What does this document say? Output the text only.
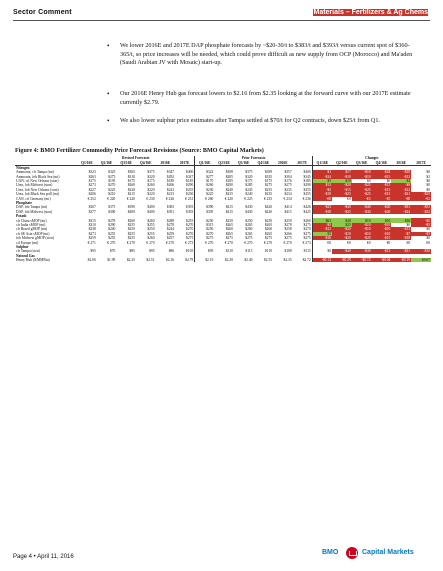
Sector Comment	Materials – Fertilizers & Ag Chems
• We lower 2016E and 2017E DAP phosphate forecasts by ~$20-30/t to $383/t and $393/t versus current spot of $360-365/t, so price increases will be needed, which could prove difficult as new supply from OCP (Morocco) and Ma'aden (Saudi Arabian JV with Mosaic) start-up.
• Our 2016E Henry Hub gas forecast lowers to $2.16 from $2.35 looking at the forward curve with our 2017E estimate currently $2.79.
• We also lower sulphur price estimates after Tampa settled at $70/t for Q2 contracts, down $25/t from Q1.
Figure 4: BMO Fertilizer Commodity Price Forecast Revisions (Source: BMO Capital Markets)
	Revised Forecasts						Prior Forecasts						Changes					
	Q1/16E	Q2/16E	Q3/16E	Q4/16E	2016E	2017E	Q1/16E	Q2/16E	Q3/16E	Q4/16E	2016E	2017E	Q1/16E	Q2/16E	Q3/16E	Q4/16E	2016E	2017E
Nitrogen																		
Ammonia, cfr Tampa (mt)	$323	$325	$365	$375	$347	$400	$322	$308	$375	$399	$357	$400	$1	$17	-$10	-$24	-$10	$0
Ammonia, fob Black Sea (mt)	$263	$275	$310	$320	$292	$347	$277	$285	$320	$335	$304	$345	-$14	-$10	-$10	-$15	-$12	$2
UAN, cif New Orleans (ston)	$175	$195	$175	$175	$180	$185	$170	$185	$175	$175	$176	$185	$5	$10	$0	$0	$4	$0
Urea, fob Midwest (ston)	$273	$270	$260	$260	$266	$290	$260	$290	$285	$275	$275	$290	$13	-$20	-$25	-$15	-$9	$0
Urea, fob New Orleans (ston)	$227	$225	$220	$220	$223	$255	$230	$240	$245	$235	$235	$255	-$3	-$15	-$25	-$15	-$12	$0
Urea, fob Black Sea prill (mt)	$206	$210	$215	$220	$213	$230	$225	$235	$240	$235	$234	$255	-$19	-$25	-$25	-$15	-$21	-$25
CAN, cif Germany (mt)	€ 252	€ 220	€ 220	€ 230	€ 226	€ 231	€ 260	€ 220	€ 225	€ 235	€ 234	€ 236	-€8	€0	-€5	-€5	-€8	-€5
Phosphate																		
DAP, fob Tampa (mt)	$367	$375	$390	$400	$383	$393	$390	$415	$430	$420	$414	$426	-$23	-$40	-$40	-$20	-$31	-$33
DAP, fob Midwest (ston)	$377	$390	$400	$400	$391	$393	$395	$415	$430	$420	$415	$425	-$18	-$25	-$30	-$20	-$24	-$32
Potash																		
cfr China sMOP (mt)	$315	$278	$260	$260	$288	$255	$250	$250	$250	$250	$250	$260	$65	$28	$10	$10	$38	-$5
cfr India sMOP (mt)	$310	$290	$255	$255	$278	$270	$315	$265	$265	$265	$278	$275	-$5	$25	-$10	-$10	$0	-$5
cfr Brazil gMOP (mt)	$238	$240	$250	$250	$244	$270	$250	$260	$260	$260	$258	$270	-$12	-$20	-$10	-$10	-$13	$0
cfr SE Asia sMOP (mt)	$273	$255	$255	$255	$259	$270	$270	$265	$265	$265	$266	$275	$3	-$10	-$10	-$10	-$7	-$5
fob Midwest gMOP (ston)	$259	$255	$255	$260	$257	$275	$275	$275	$275	$275	$275	$275	-$16	-$20	-$20	-$15	-$18	$0
cif Europe (mt)	€ 271	€ 270	€ 270	€ 270	€ 270	€ 273	€ 270	€ 270	€ 270	€ 270	€ 270	€ 273	€0	€0	€0	€0	€0	€0
Sulphur																		
cfr Tampa (ston)	$95	$70	$85	$95	$86	$105	$95	$110	$115	$110	$108	$115	$0	-$40	-$30	-$15	-$21	-$10
Natural Gas																		
Henry Hub ($/MMBtu)	$2.06	$1.99	$2.25	$2.51	$2.16	$2.79	$2.19	$2.28	$2.40	$2.55	$2.35	$2.72	-$0.13	-$0.29	-$0.15	-$0.04	-$0.19	$0.07
Page 4 • April 11, 2016
BMO	Capital Markets
